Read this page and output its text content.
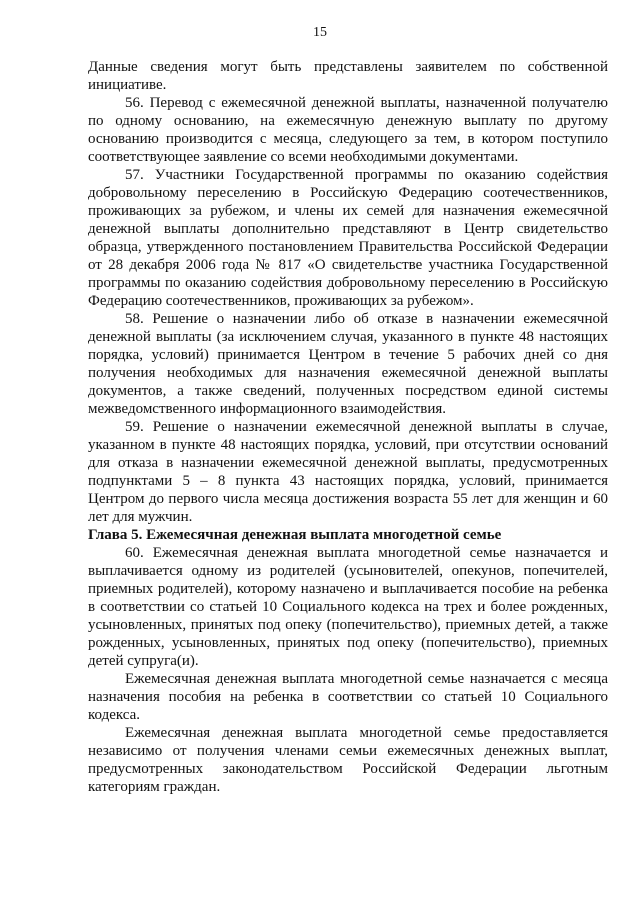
15

Данные сведения могут быть представлены заявителем по собственной инициативе.

56. Перевод с ежемесячной денежной выплаты, назначенной получателю по одному основанию, на ежемесячную денежную выплату по другому основанию производится с месяца, следующего за тем, в котором поступило соответствующее заявление со всеми необходимыми документами.

57. Участники Государственной программы по оказанию содействия добровольному переселению в Российскую Федерацию соотечественников, проживающих за рубежом, и члены их семей для назначения ежемесячной денежной выплаты дополнительно представляют в Центр свидетельство образца, утвержденного постановлением Правительства Российской Федерации от 28 декабря 2006 года № 817 «О свидетельстве участника Государственной программы по оказанию содействия добровольному переселению в Российскую Федерацию соотечественников, проживающих за рубежом».

58. Решение о назначении либо об отказе в назначении ежемесячной денежной выплаты (за исключением случая, указанного в пункте 48 настоящих порядка, условий) принимается Центром в течение 5 рабочих дней со дня получения необходимых для назначения ежемесячной денежной выплаты документов, а также сведений, полученных посредством единой системы межведомственного информационного взаимодействия.

59. Решение о назначении ежемесячной денежной выплаты в случае, указанном в пункте 48 настоящих порядка, условий, при отсутствии оснований для отказа в назначении ежемесячной денежной выплаты, предусмотренных подпунктами 5 – 8 пункта 43 настоящих порядка, условий, принимается Центром до первого числа месяца достижения возраста 55 лет для женщин и 60 лет для мужчин.

Глава 5. Ежемесячная денежная выплата многодетной семье

60. Ежемесячная денежная выплата многодетной семье назначается и выплачивается одному из родителей (усыновителей, опекунов, попечителей, приемных родителей), которому назначено и выплачивается пособие на ребенка в соответствии со статьей 10 Социального кодекса на трех и более рожденных, усыновленных, принятых под опеку (попечительство), приемных детей, а также рожденных, усыновленных, принятых под опеку (попечительство), приемных детей супруга(и).

Ежемесячная денежная выплата многодетной семье назначается с месяца назначения пособия на ребенка в соответствии со статьей 10 Социального кодекса.

Ежемесячная денежная выплата многодетной семье предоставляется независимо от получения членами семьи ежемесячных денежных выплат, предусмотренных законодательством Российской Федерации льготным категориям граждан.
